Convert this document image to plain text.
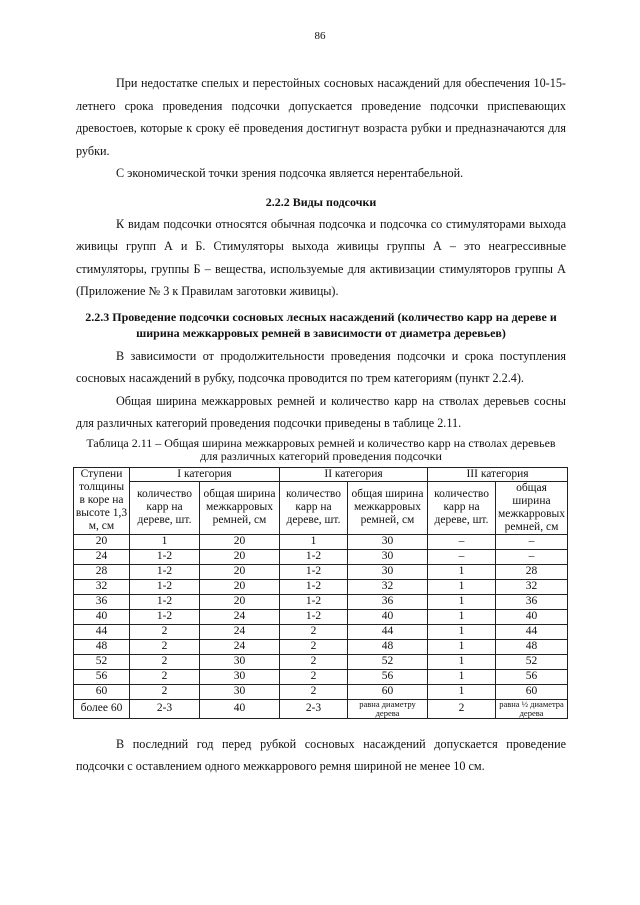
86

При недостатке спелых и перестойных сосновых насаждений для обеспечения 10-15-летнего срока проведения подсочки допускается проведение подсочки приспевающих древостоев, которые к сроку её проведения достигнут возраста рубки и предназначаются для рубки.

С экономической точки зрения подсочка является нерентабельной.

2.2.2 Виды подсочки

К видам подсочки относятся обычная подсочка и подсочка со стимуляторами выхода живицы групп А и Б. Стимуляторы выхода живицы группы А – это неагрессивные стимуляторы, группы Б – вещества, используемые для активизации стимуляторов группы А (Приложение № 3 к Правилам заготовки живицы).

2.2.3 Проведение подсочки сосновых лесных насаждений (количество карр на дереве и ширина межкарровых ремней в зависимости от диаметра деревьев)

В зависимости от продолжительности проведения подсочки и срока поступления сосновых насаждений в рубку, подсочка проводится по трем категориям (пункт 2.2.4).

Общая ширина межкарровых ремней и количество карр на стволах деревьев сосны для различных категорий проведения подсочки приведены в таблице 2.11.

Таблица 2.11 – Общая ширина межкарровых ремней и количество карр на стволах деревьев для различных категорий проведения подсочки
Ступени толщины в коре на высоте 1,3 м, см	I категория		II категория		III категория	
	количество карр на дереве, шт.	общая ширина межкарровых ремней, см	количество карр на дереве, шт.	общая ширина межкарровых ремней, см	количество карр на дереве, шт.	общая ширина межкарровых ремней, см
20	1	20	1	30	–	–
24	1-2	20	1-2	30	–	–
28	1-2	20	1-2	30	1	28
32	1-2	20	1-2	32	1	32
36	1-2	20	1-2	36	1	36
40	1-2	24	1-2	40	1	40
44	2	24	2	44	1	44
48	2	24	2	48	1	48
52	2	30	2	52	1	52
56	2	30	2	56	1	56
60	2	30	2	60	1	60
более 60	2-3	40	2-3	равна диаметру дерева	2	равна ½ диаметра дерева

В последний год перед рубкой сосновых насаждений допускается проведение подсочки с оставлением одного межкаррового ремня шириной не менее 10 см.
